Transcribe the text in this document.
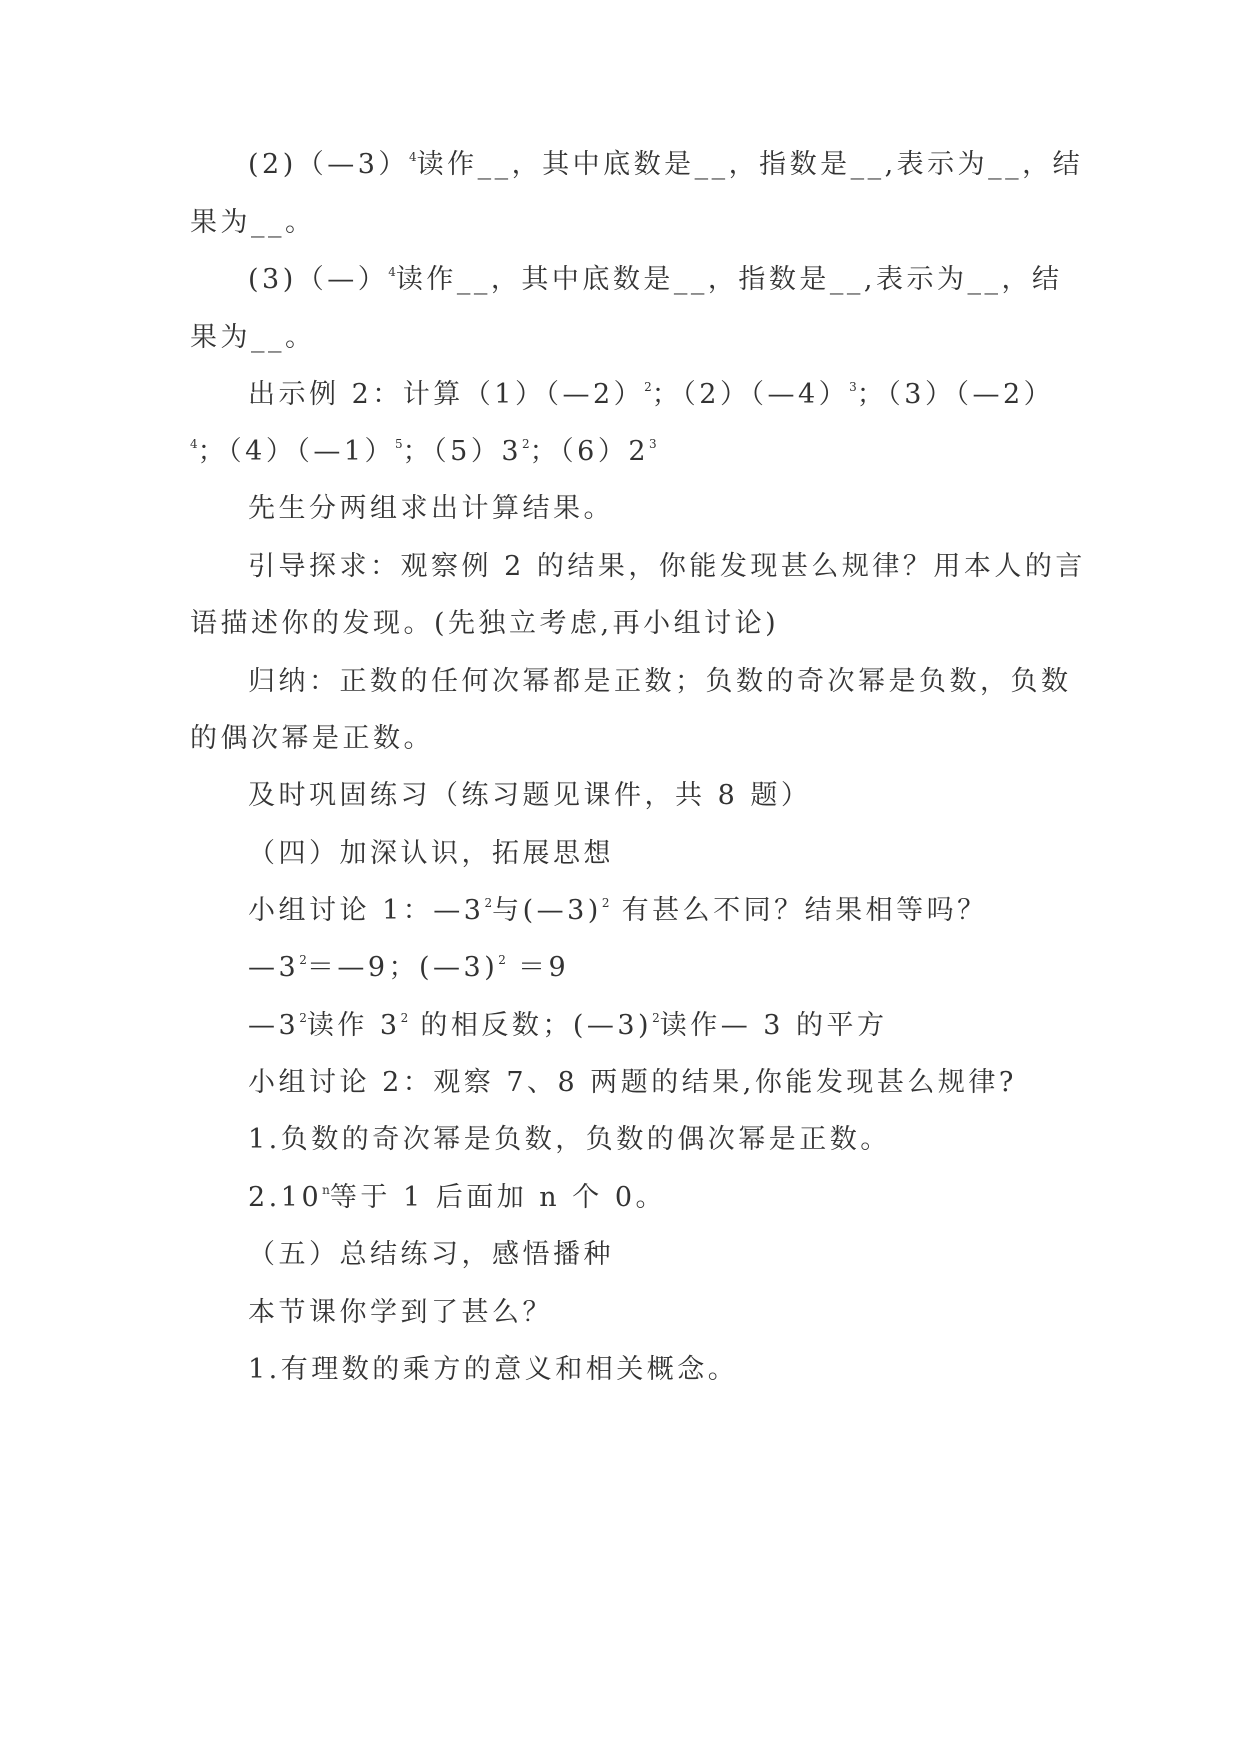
(2)（—3）$^4$读作__，其中底数是__，指数是__,表示为__，结
果为__。
(3)（—）$^4$读作__，其中底数是__，指数是__,表示为__，结
果为__。
出示例 2：计算（1）（—2）$^2$；（2）（—4）$^3$；（3）（—2）
$^4$；（4）（—1）$^5$；$(5)3^2$；$(6)2^3$
先生分两组求出计算结果。
引导探求：观察例 2 的结果，你能发现甚么规律？用本人的言
语描述你的发现。(先独立考虑,再小组讨论)
归纳：正数的任何次幂都是正数；负数的奇次幂是负数，负数
的偶次幂是正数。
及时巩固练习（练习题见课件，共 8 题）
（四）加深认识，拓展思想
小组讨论 1：$—3^2$与(—3)$^2$ 有甚么不同？结果相等吗？
$—3^2=—9$；(—3)$^2$ ＝9
$—3^2$读作 $3^2$ 的相反数；(—3)$^2$读作— 3 的平方
小组讨论 2：观察 7、8 两题的结果,你能发现甚么规律?
1.负数的奇次幂是负数，负数的偶次幂是正数。
2.10$^n$等于 1 后面加 n 个 0。
（五）总结练习，感悟播种
本节课你学到了甚么？
1.有理数的乘方的意义和相关概念。
